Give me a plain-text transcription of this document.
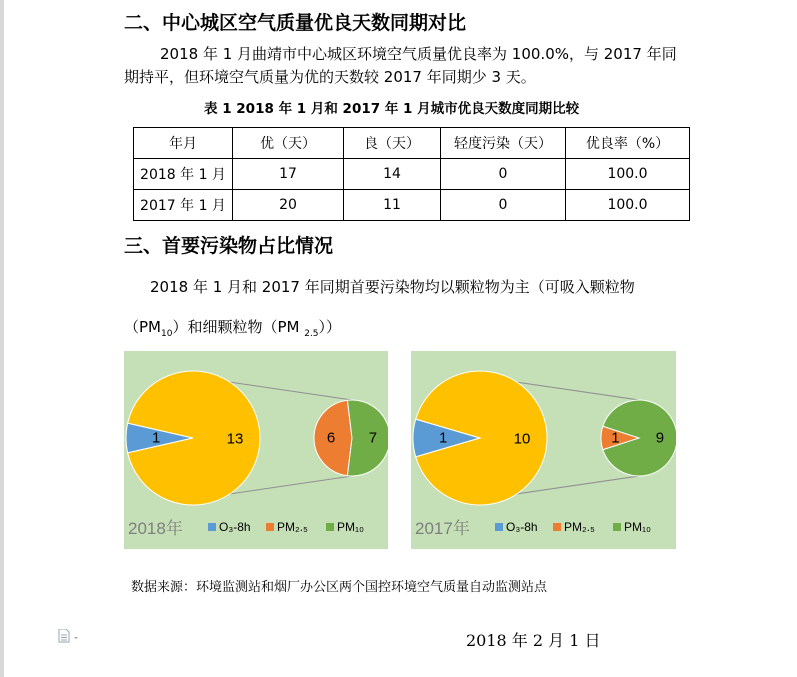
二、中心城区空气质量优良天数同期对比
2018 年 1 月曲靖市中心城区环境空气质量优良率为 100.0%，与 2017 年同
期持平，但环境空气质量为优的天数较 2017 年同期少 3 天。
表 1 2018 年 1 月和 2017 年 1 月城市优良天数度同期比较
年月	优（天）	良（天）	轻度污染（天）	优良率（%）
2018 年 1 月	17	14	0	100.0
2017 年 1 月	20	11	0	100.0
三、首要污染物占比情况
2018 年 1 月和 2017 年同期首要污染物均以颗粒物为主（可吸入颗粒物
$(PM_{10})$和细颗粒物（PM $_{2.5}$））
1	13	6 7
2018年	O₃-8h PM₂.₅ PM₁₀
1	10	1 9
2017年	O₃-8h PM₂.₅ PM₁₀
数据来源：环境监测站和烟厂办公区两个国控环境空气质量自动监测站点
2018 年 2 月 1 日
